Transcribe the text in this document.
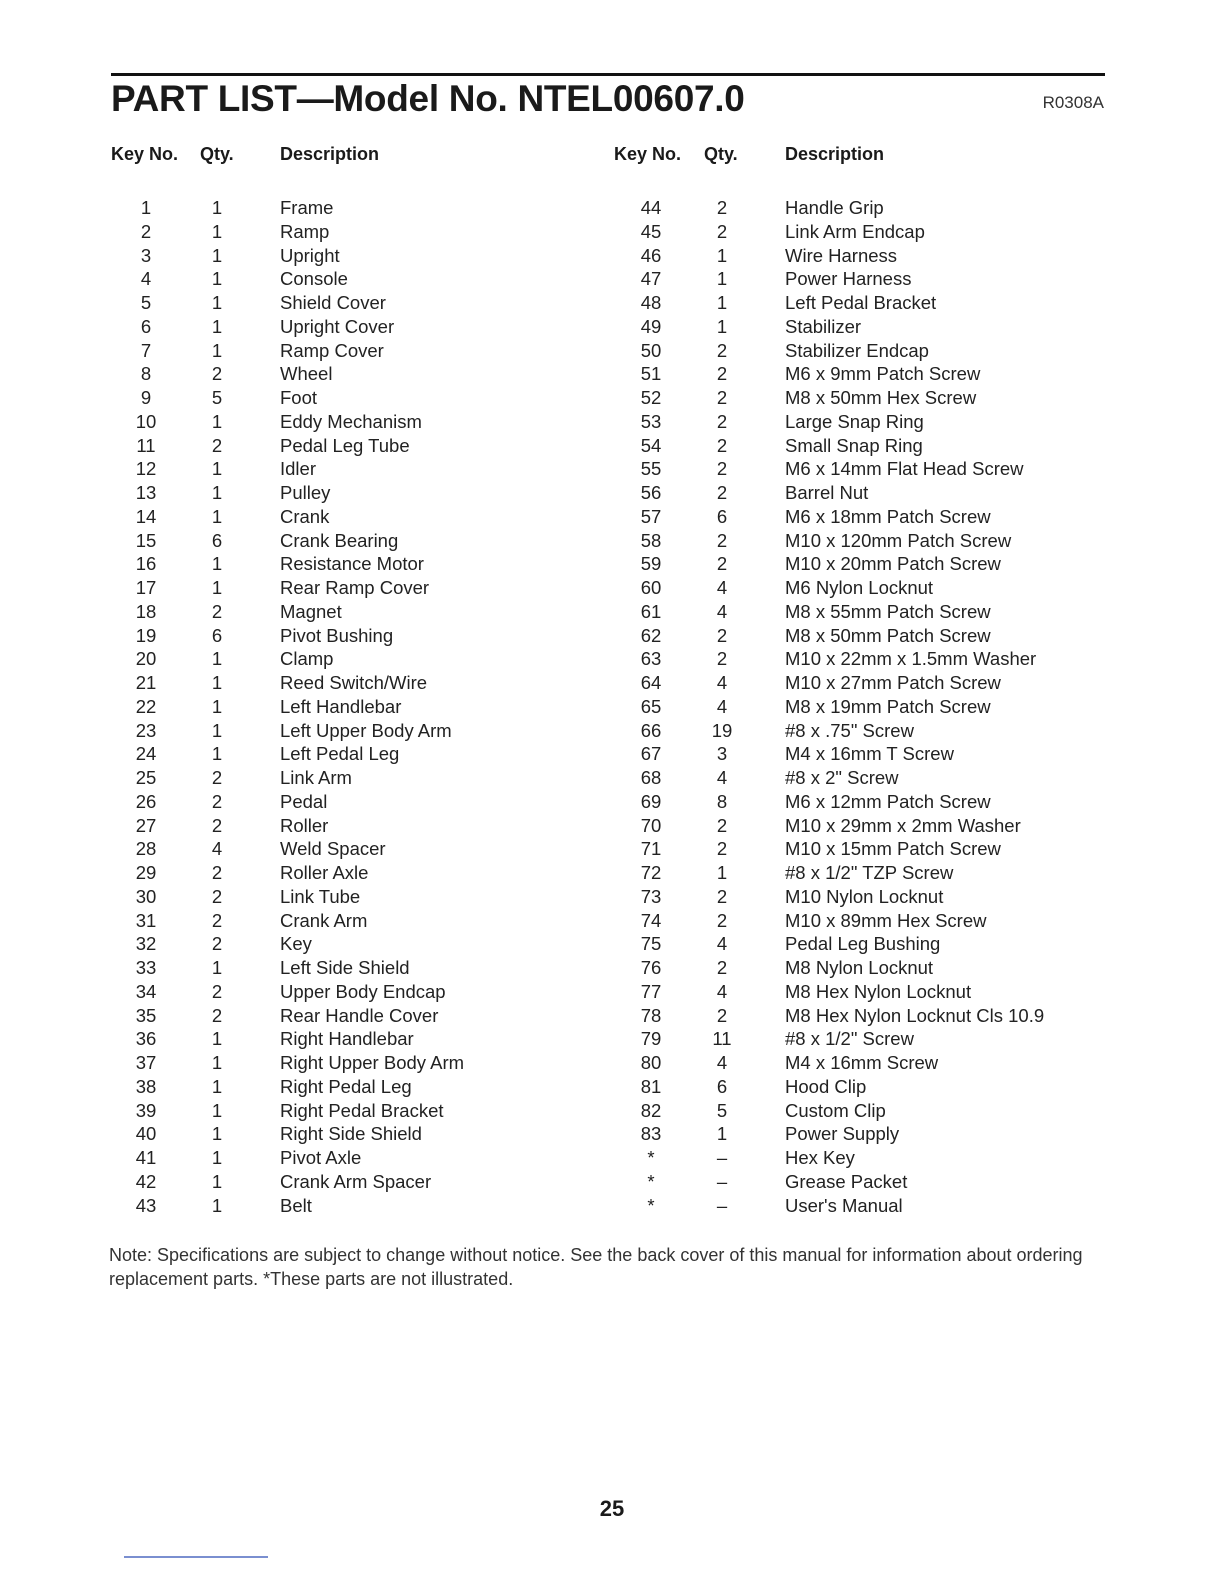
PART LIST—Model No. NTEL00607.0	R0308A
Key No. Qty.	Description	Key No. Qty.	Description
1	1	Frame
2	1	Ramp
3	1	Upright
4	1	Console
5	1	Shield Cover
6	1	Upright Cover
7	1	Ramp Cover
8	2	Wheel
9	5	Foot
10	1	Eddy Mechanism
11	2	Pedal Leg Tube
12	1	Idler
13	1	Pulley
14	1	Crank
15	6	Crank Bearing
16	1	Resistance Motor
17	1	Rear Ramp Cover
18	2	Magnet
19	6	Pivot Bushing
20	1	Clamp
21	1	Reed Switch/Wire
22	1	Left Handlebar
23	1	Left Upper Body Arm
24	1	Left Pedal Leg
25	2	Link Arm
26	2	Pedal
27	2	Roller
28	4	Weld Spacer
29	2	Roller Axle
30	2	Link Tube
31	2	Crank Arm
32	2	Key
33	1	Left Side Shield
34	2	Upper Body Endcap
35	2	Rear Handle Cover
36	1	Right Handlebar
37	1	Right Upper Body Arm
38	1	Right Pedal Leg
39	1	Right Pedal Bracket
40	1	Right Side Shield
41	1	Pivot Axle
42	1	Crank Arm Spacer
43	1	Belt
44	2	Handle Grip
45	2	Link Arm Endcap
46	1	Wire Harness
47	1	Power Harness
48	1	Left Pedal Bracket
49	1	Stabilizer
50	2	Stabilizer Endcap
51	2	M6 x 9mm Patch Screw
52	2	M8 x 50mm Hex Screw
53	2	Large Snap Ring
54	2	Small Snap Ring
55	2	M6 x 14mm Flat Head Screw
56	2	Barrel Nut
57	6	M6 x 18mm Patch Screw
58	2	M10 x 120mm Patch Screw
59	2	M10 x 20mm Patch Screw
60	4	M6 Nylon Locknut
61	4	M8 x 55mm Patch Screw
62	2	M8 x 50mm Patch Screw
63	2	M10 x 22mm x 1.5mm Washer
64	4	M10 x 27mm Patch Screw
65	4	M8 x 19mm Patch Screw
66	19	#8 x .75" Screw
67	3	M4 x 16mm T Screw
68	4	#8 x 2" Screw
69	8	M6 x 12mm Patch Screw
70	2	M10 x 29mm x 2mm Washer
71	2	M10 x 15mm Patch Screw
72	1	#8 x 1/2" TZP Screw
73	2	M10 Nylon Locknut
74	2	M10 x 89mm Hex Screw
75	4	Pedal Leg Bushing
76	2	M8 Nylon Locknut
77	4	M8 Hex Nylon Locknut
78	2	M8 Hex Nylon Locknut Cls 10.9
79	11	#8 x 1/2" Screw
80	4	M4 x 16mm Screw
81	6	Hood Clip
82	5	Custom Clip
83	1	Power Supply
*	–	Hex Key
*	–	Grease Packet
*	–	User's Manual

Note: Specifications are subject to change without notice. See the back cover of this manual for information about ordering replacement parts. *These parts are not illustrated.

25
